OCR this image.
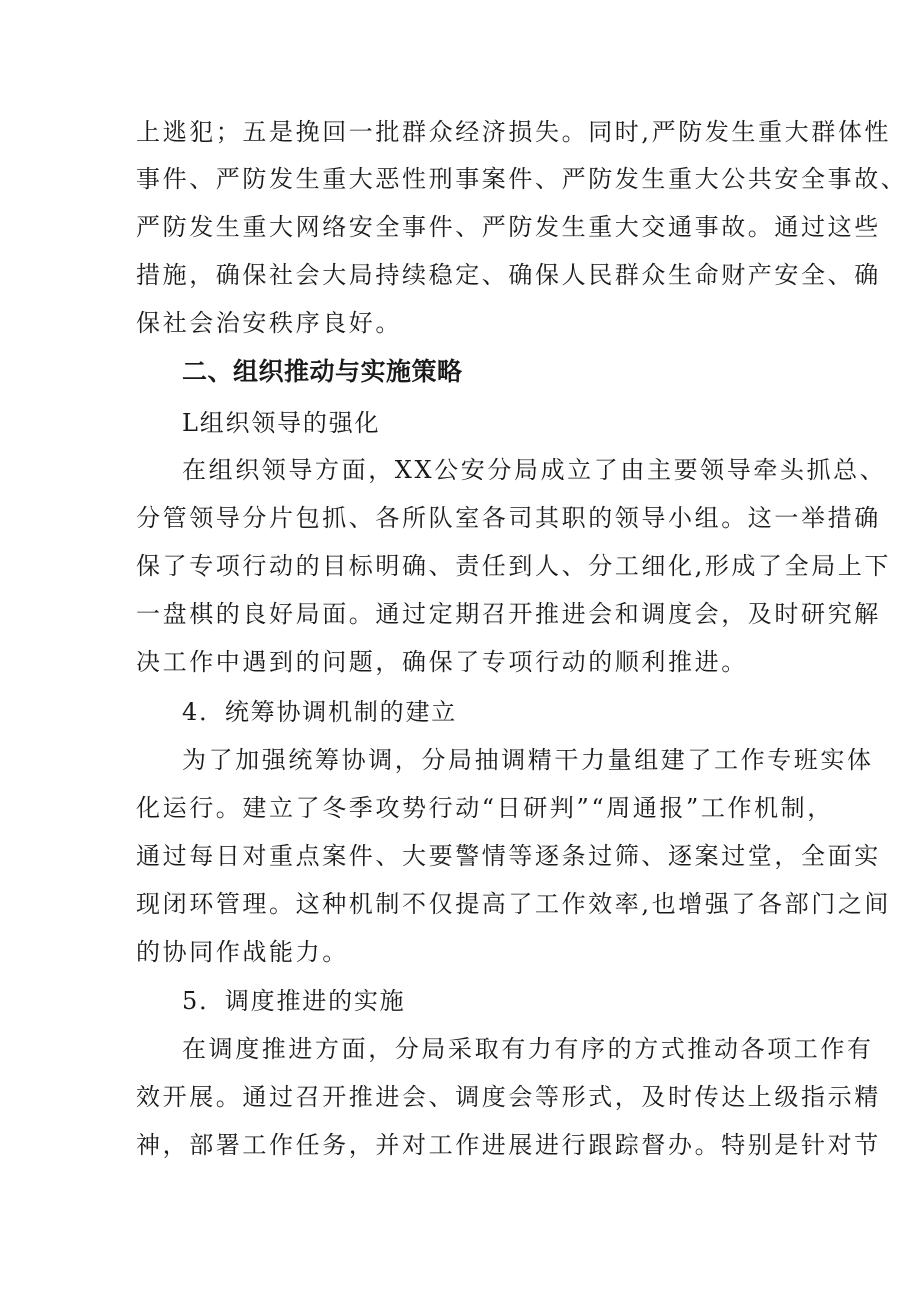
上逃犯；五是挽回一批群众经济损失。同时,严防发生重大群体性
事件、严防发生重大恶性刑事案件、严防发生重大公共安全事故、
严防发生重大网络安全事件、严防发生重大交通事故。通过这些
措施，确保社会大局持续稳定、确保人民群众生命财产安全、确
保社会治安秩序良好。
二、组织推动与实施策略
L组织领导的强化
在组织领导方面，XX公安分局成立了由主要领导牵头抓总、
分管领导分片包抓、各所队室各司其职的领导小组。这一举措确
保了专项行动的目标明确、责任到人、分工细化,形成了全局上下
一盘棋的良好局面。通过定期召开推进会和调度会，及时研究解
决工作中遇到的问题，确保了专项行动的顺利推进。
4．统筹协调机制的建立
为了加强统筹协调，分局抽调精干力量组建了工作专班实体
化运行。建立了冬季攻势行动“日研判”“周通报”工作机制，
通过每日对重点案件、大要警情等逐条过筛、逐案过堂，全面实
现闭环管理。这种机制不仅提高了工作效率,也增强了各部门之间
的协同作战能力。
5．调度推进的实施
在调度推进方面，分局采取有力有序的方式推动各项工作有
效开展。通过召开推进会、调度会等形式，及时传达上级指示精
神，部署工作任务，并对工作进展进行跟踪督办。特别是针对节
